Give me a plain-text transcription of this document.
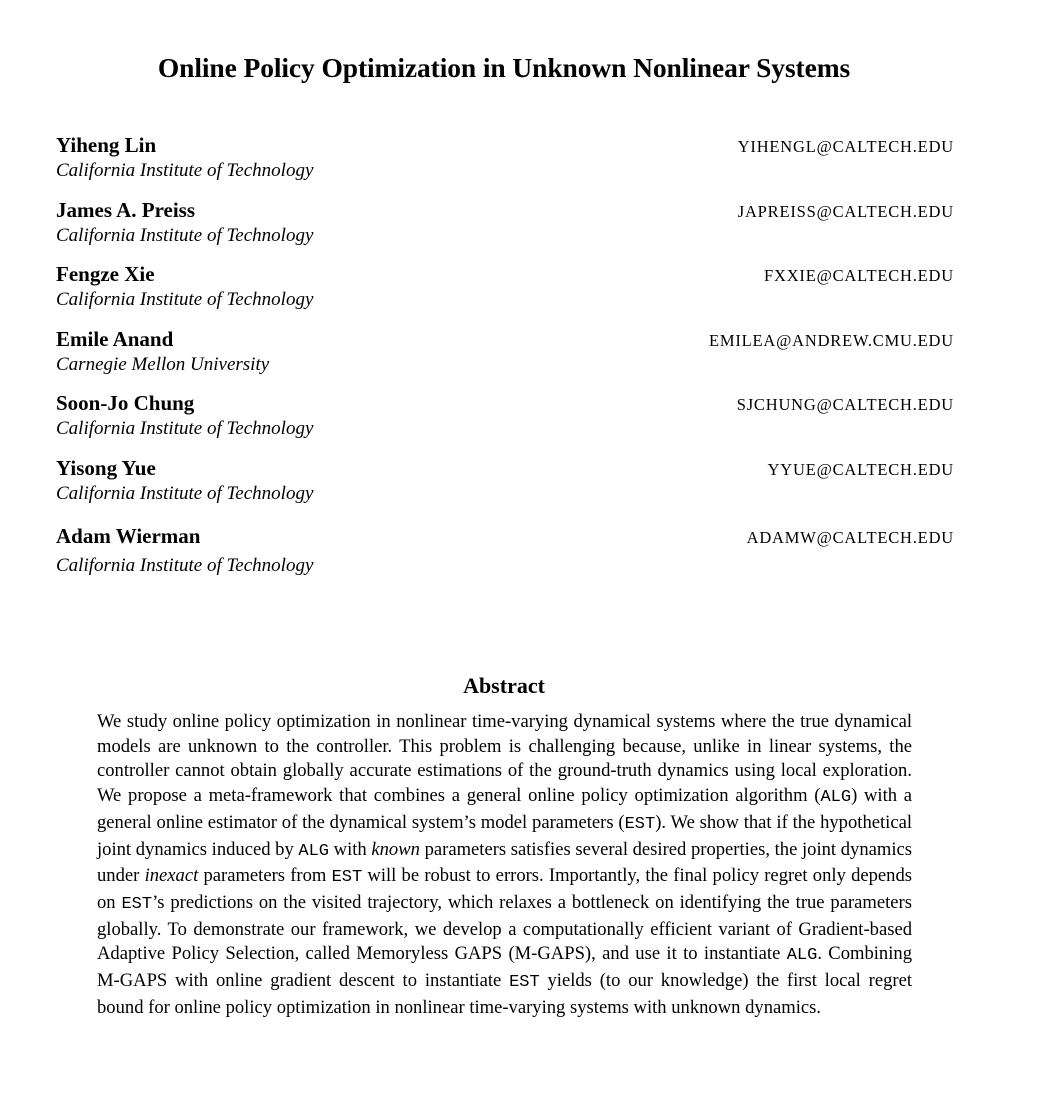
Online Policy Optimization in Unknown Nonlinear Systems
Yiheng Lin
California Institute of Technology
YIHENGL@CALTECH.EDU
James A. Preiss
California Institute of Technology
JAPREISS@CALTECH.EDU
Fengze Xie
California Institute of Technology
FXXIE@CALTECH.EDU
Emile Anand
Carnegie Mellon University
EMILEA@ANDREW.CMU.EDU
Soon-Jo Chung
California Institute of Technology
SJCHUNG@CALTECH.EDU
Yisong Yue
California Institute of Technology
YYUE@CALTECH.EDU
Adam Wierman
California Institute of Technology
ADAMW@CALTECH.EDU
Abstract

We study online policy optimization in nonlinear time-varying dynamical systems where the true dynamical models are unknown to the controller. This problem is challenging because, unlike in linear systems, the controller cannot obtain globally accurate estimations of the ground-truth dynamics using local exploration. We propose a meta-framework that combines a general online policy optimization algorithm (ALG) with a general online estimator of the dynamical system’s model parameters (EST). We show that if the hypothetical joint dynamics induced by ALG with known parameters satisfies several desired properties, the joint dynamics under inexact parameters from EST will be robust to errors. Importantly, the final policy regret only depends on EST’s predictions on the visited trajectory, which relaxes a bottleneck on identifying the true parameters globally. To demonstrate our framework, we develop a computationally efficient variant of Gradient-based Adaptive Policy Selection, called Memoryless GAPS (M-GAPS), and use it to instantiate ALG. Combining M-GAPS with online gradient descent to instantiate EST yields (to our knowledge) the first local regret bound for online policy optimization in nonlinear time-varying systems with unknown dynamics.
